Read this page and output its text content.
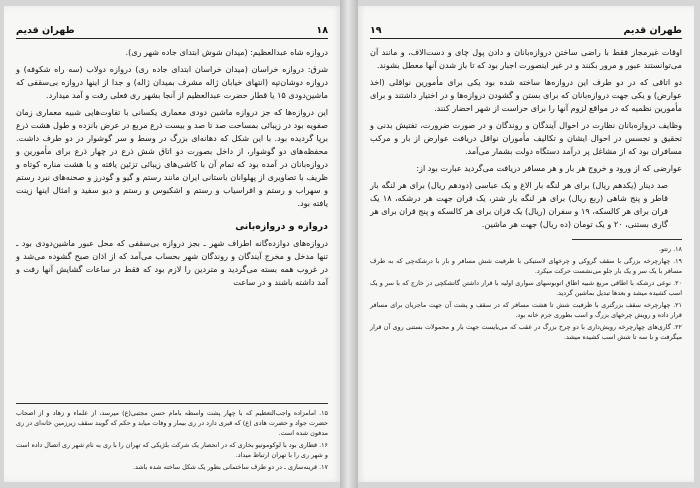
طهران قدیم	۱۸

دروازه شاه عبدالعظیم: (میدان شوش ابتدای جاده شهر ری).

شرق: دروازه خراسان (میدان خراسان ابتدای جاده ری) دروازه دولاب (سه راه شکوفه) و دروازه دوشان‌تپه (انتهای خیابان ژاله مشرف بمیدان ژاله) و جدا از اینها دروازه بی‌سقفی که ماشین‌دودی ۱۵ یا قطار حضرت عبدالعظیم از آنجا بشهر ری فعلی رفت و آمد میدارد.

این دروازه‌ها که جز دروازه ماشین دودی معماری یکسانی با تفاوت‌هایی شبیه معماری زمان صفویه بود در زیبائی بمساحت صد تا صد و بیست ذرع مربع در عرض بانزده و طول هشت ذرع برپا گردیده بود. با این شکل که دهانه‌ای بزرگ در وسط و سر گوشوار در دو طرف داشت. محفظه‌های دو گوشوار، از داخل بصورت دو اتاق شش ذرع در چهار ذرع برای مأمورین و دروازه‌بانان در آمده بود که تمام آن با کاشی‌های زیبائی تزئین یافته و با هشت مناره کوتاه و ظریف با تصاویری از پهلوانان باستانی ایران مانند رستم و گیو و گودرز و صحنه‌های نبرد رستم و سهراب و رستم و افراسیاب و رستم و اشکبوس و رستم و دیو سفید و امثال اینها زینت یافته بود.

دروازه و دروازه‌بانی

دروازه‌های دوازده‌گانه اطراف شهر ـ بجز دروازه بی‌سقفی که محل عبور ماشین‌دودی بود ـ تنها مدخل و مخرج آیندگان و روندگان شهر بحساب می‌آمد که از اذان صبح گشوده می‌شد و در غروب همه بسته می‌گردید و متردین را لازم بود که فقط در ساعات گشایش آنها رفت و آمد داشته باشند و در ساعت

۱۵. امامزاده واجب‌التعظیم که با چهار پشت واسطه بامام حسن مجتبی(ع) میرسد، از علماء و زهاد و از اصحاب حضرت جواد و حضرت هادی (ع) که قبری دارد در ری بیمار و وفات میابد و حکم که گویند سقف زیرزمین خانه‌ای در ری مدفون شده است.

۱۶. قطاری بود با لوکوموتیو بخاری که در انحصار یک شرکت بلژیکی که تهران را با ری به نام شهر ری اتصال داده است و شهر ری را با تهران ارتباط میداد.

۱۷. قرینه‌سازی ـ در دو طرف ساختمانی بطور یک شکل ساخته شده باشد.

۱۹	طهران قدیم

اوقات غیرمجاز فقط با راضی ساختن دروازه‌بانان و دادن پول چای و دست‌الاف، و مانند آن می‌توانستند عبور و مرور بکنند و در غیر اینصورت اجبار بود که تا باز شدن آنها معطل بشوند.

دو اتاقی که در دو طرف این دروازه‌ها ساخته شده بود یکی برای مأمورین نواقلی (اخذ عوارض) و یکی جهت دروازه‌بانان که برای بستن و گشودن دروازه‌ها و در اختیار داشتند و برای مأمورین نظمیه که در مواقع لزوم آنها را برای حراست از شهر احضار کنند.

وظایف دروازه‌بانان نظارت در احوال آیندگان و روندگان و در صورت ضرورت، تفتیش بدنی و تحقیق و تجسس در احوال ایشان و تکالیف مأموران نواقل دریافت عوارض از بار و مرکب مسافران بود که از مشاغل پر درآمد دستگاه دولت بشمار می‌آمد.

عوارضی که از ورود و خروج هر بار و هر مسافر دریافت می‌گردید عبارت بود از:

صد دینار (یکدهم ریال) برای هر لنگه بار الاغ و یک عباسی (دودهم ریال) برای هر لنگه بار قاطر و پنج شاهی (ربع ریال) برای هر لنگه بار شتر، یک قران جهت هر درشکه، ۱۸ یک قران برای هر کالسکه، ۱۹ و سفران (ریال) یک قران برای هر کالسکه و پنج قران برای هر گاری بستنی، ۲۰ و یک تومان (ده ریال) جهت هر ماشین.

۱۸. رتتو.

۱۹. چهارچرخه بزرگی با سقف گروکی و چرخهای لاستیکی با ظرفیت شش مسافر و بار با درشکه‌چی که به طرف مسافر با یک سر و یک بار جلو می‌نشست حرکت میکرد.

۲۰. نوعی درشکه با اطاقی مربع شبیه اطاق اتوبوسهای سواری اولیه با قرار داشتن گاتشکچی در خارج که با سر و یک اسب کشیده میشد و بعدها تبدیل بماشین گردید.

۲۱. چهارچرخه سقف بزرگتری با ظرفیت شش تا هشت مسافر که در سقف و پشت آن جهت ماجریان برای مسافر قرار داده و رویش چرخهای بزرگ و اسب بطوری جرم خانه بود.

۲۲. گاری‌های چهارچرخه رویش‌داری با دو چرخ بزرگ در عقب که می‌بایست جهت بار و محمولات بستنی روی آن قرار میگرفت و با سه تا شش اسب کشیده میشد.
